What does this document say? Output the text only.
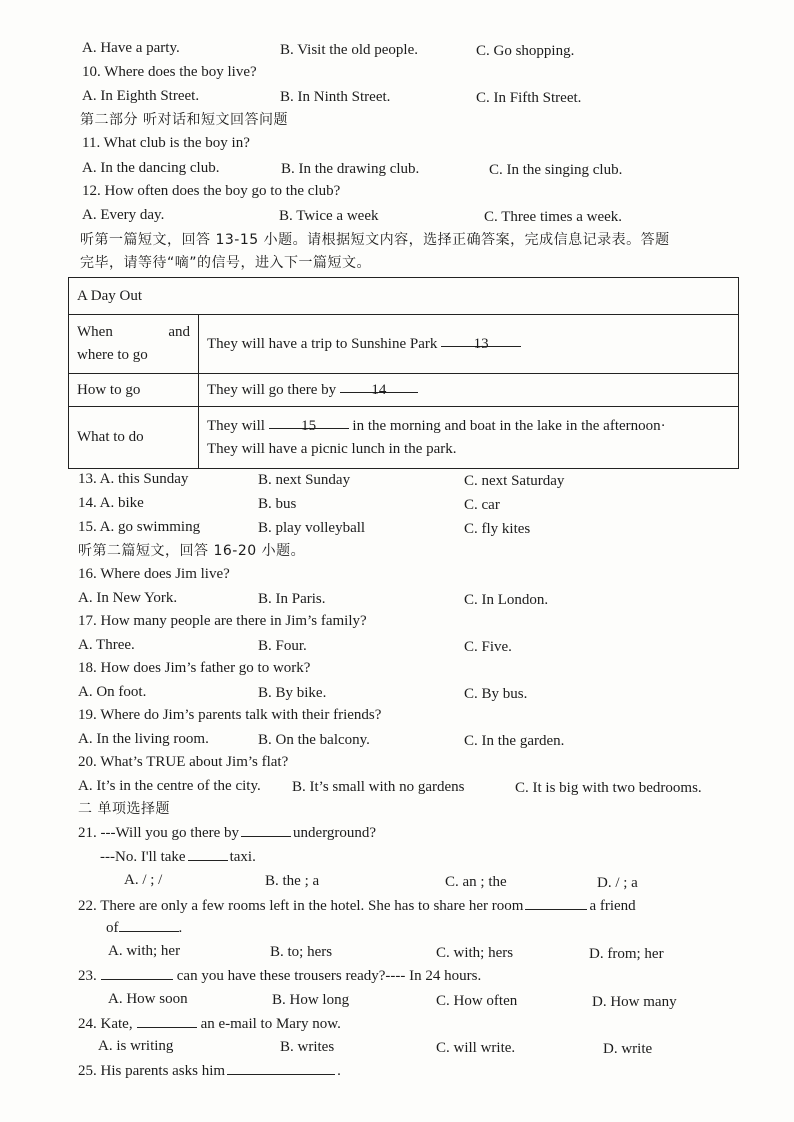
A. Have a party.	B. Visit the old people.	C. Go shopping.
10. Where does the boy live?
A. In Eighth Street.	B. In Ninth Street.	C. In Fifth Street.
第二部分 听对话和短文回答问题
11. What club is the boy in?
A. In the dancing club.	B. In the drawing club.	C. In the singing club.
12. How often does the boy go to the club?
A. Every day.	B. Twice a week	C. Three times a week.
听第一篇短文，回答 13-15 小题。请根据短文内容，选择正确答案，完成信息记录表。答题
完毕，请等待“嘀”的信号，进入下一篇短文。
A Day Out	

When and
where to go	They will have a trip to Sunshine Park 13
How to go	They will go there by 14
What to do	They will 15 in the morning and boat in the lake in the afternoon·
They will have a picnic lunch in the park.
13. A. this Sunday	B. next Sunday	C. next Saturday
14. A. bike	B. bus	C. car
15. A. go swimming	B. play volleyball	C. fly kites
听第二篇短文，回答 16-20 小题。
16. Where does Jim live?
A. In New York.	B. In Paris.	C. In London.
17. How many people are there in Jim’s family?
A. Three.	B. Four.	C. Five.
18. How does Jim’s father go to work?
A. On foot.	B. By bike.	C. By bus.
19. Where do Jim’s parents talk with their friends?
A. In the living room.	B. On the balcony.	C. In the garden.
20. What’s TRUE about Jim’s flat?
A. It’s in the centre of the city. B. It’s small with no gardens	C. It is big with two bedrooms.
二 单项选择题
21. ---Will you go there by	underground?
---No. I'll take	taxi.
A. / ; /	B. the ; a	C. an ; the	D. / ; a
22. There are only a few rooms left in the hotel. She has to share her room	a friend
of	.
A. with; her	B. to; hers	C. with; hers	D. from; her
23.	can you have these trousers ready?---- In 24 hours.
A. How soon	B. How long	C. How often	D. How many
24. Kate,	an e-mail to Mary now.
A. is writing	B. writes	C. will write.	D. write
25. His parents asks him	.
